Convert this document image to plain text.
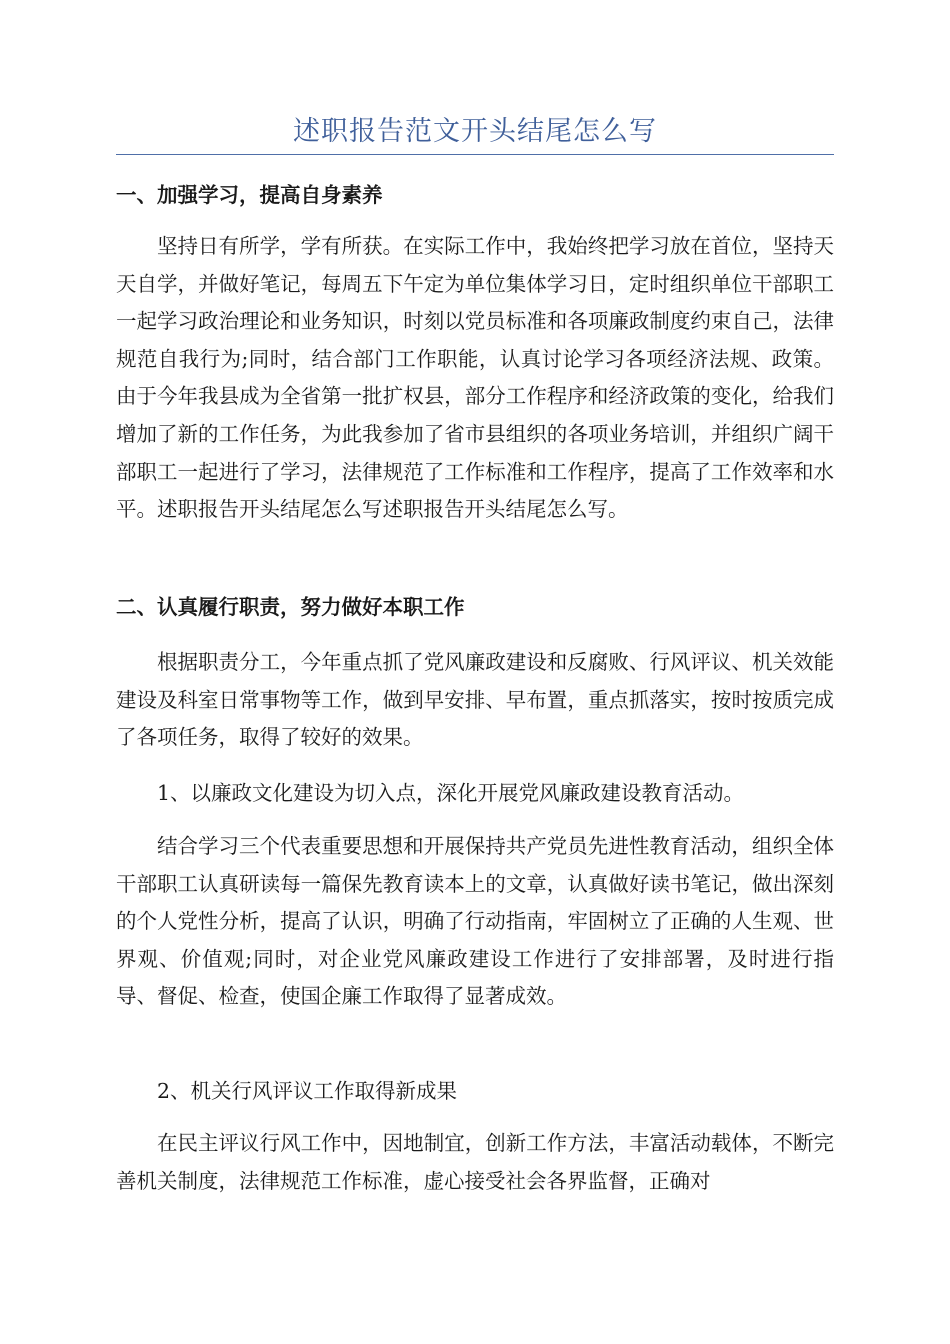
述职报告范文开头结尾怎么写
一、加强学习，提高自身素养
坚持日有所学，学有所获。在实际工作中，我始终把学习放在首位，坚持天天自学，并做好笔记，每周五下午定为单位集体学习日，定时组织单位干部职工一起学习政治理论和业务知识，时刻以党员标准和各项廉政制度约束自己，法律规范自我行为;同时，结合部门工作职能，认真讨论学习各项经济法规、政策。由于今年我县成为全省第一批扩权县，部分工作程序和经济政策的变化，给我们增加了新的工作任务，为此我参加了省市县组织的各项业务培训，并组织广阔干部职工一起进行了学习，法律规范了工作标准和工作程序，提高了工作效率和水平。述职报告开头结尾怎么写述职报告开头结尾怎么写。
二、认真履行职责，努力做好本职工作
根据职责分工，今年重点抓了党风廉政建设和反腐败、行风评议、机关效能建设及科室日常事物等工作，做到早安排、早布置，重点抓落实，按时按质完成了各项任务，取得了较好的效果。
1、以廉政文化建设为切入点，深化开展党风廉政建设教育活动。
结合学习三个代表重要思想和开展保持共产党员先进性教育活动，组织全体干部职工认真研读每一篇保先教育读本上的文章，认真做好读书笔记，做出深刻的个人党性分析，提高了认识，明确了行动指南，牢固树立了正确的人生观、世界观、价值观;同时，对企业党风廉政建设工作进行了安排部署，及时进行指导、督促、检查，使国企廉工作取得了显著成效。
2、机关行风评议工作取得新成果
在民主评议行风工作中，因地制宜，创新工作方法，丰富活动载体，不断完善机关制度，法律规范工作标准，虚心接受社会各界监督，正确对
